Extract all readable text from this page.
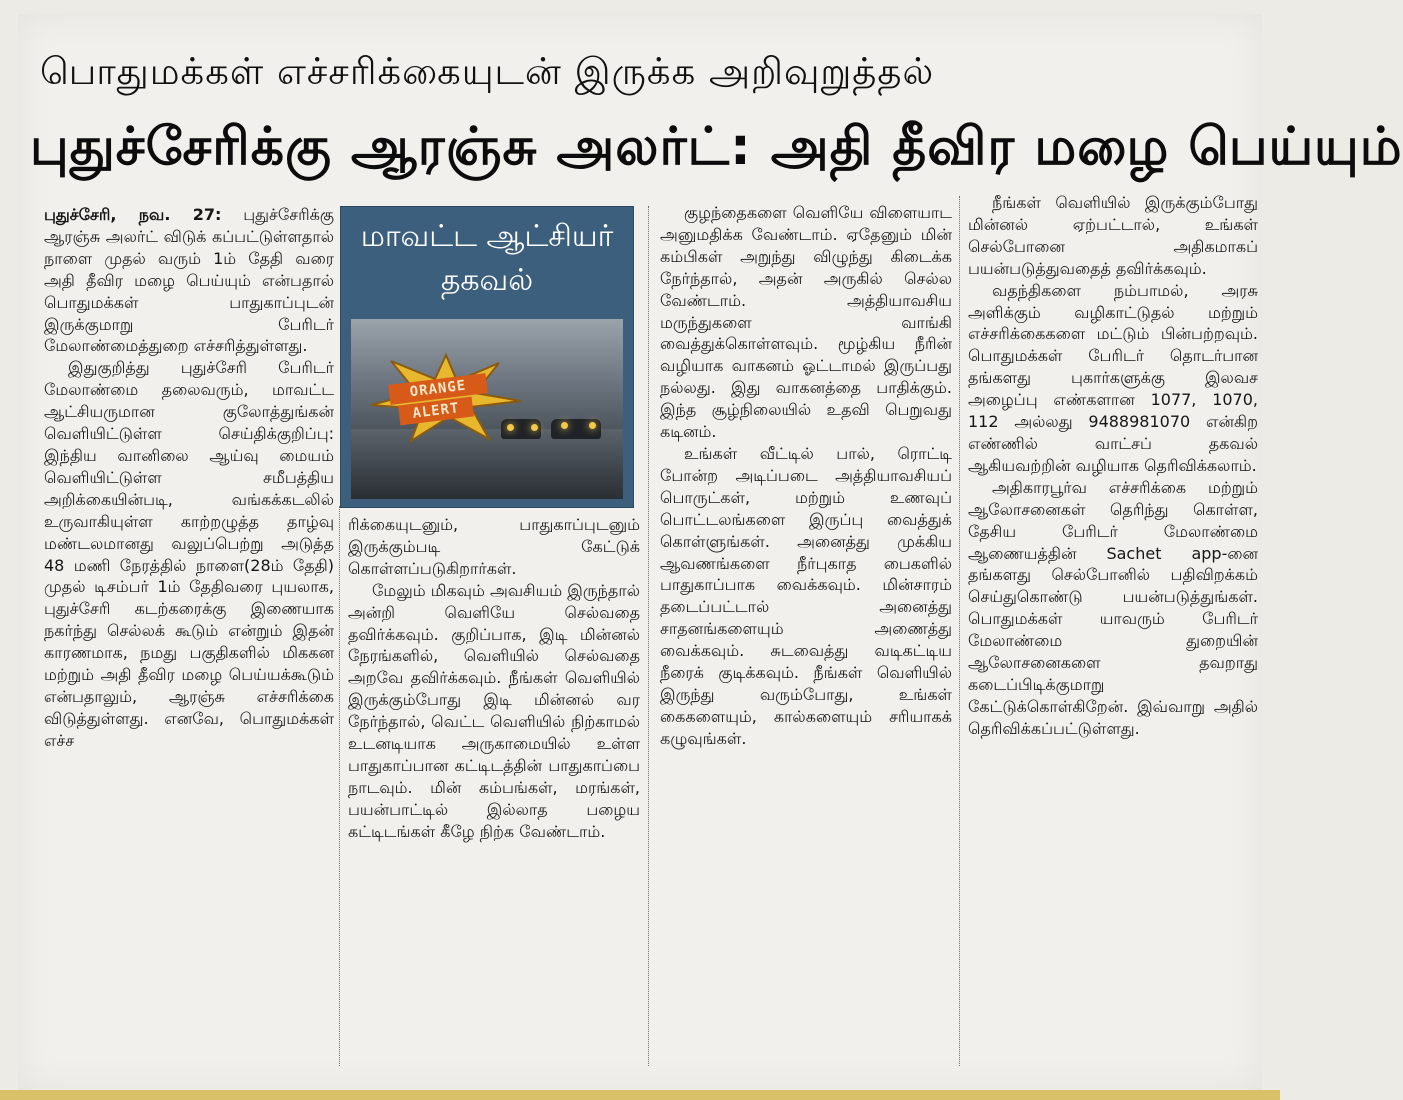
பொதுமக்கள் எச்சரிக்கையுடன் இருக்க அறிவுறுத்தல்
புதுச்சேரிக்கு ஆரஞ்சு அலர்ட்: அதி தீவிர மழை பெய்யும்

புதுச்சேரி, நவ. 27: புதுச்சேரிக்கு ஆரஞ்சு அலர்ட் விடுக் கப்பட்டுள்ளதால் நாளை முதல் வரும் 1ம் தேதி வரை அதி தீவிர மழை பெய்யும் என்பதால் பொதுமக்கள் பாதுகாப்புடன் இருக்குமாறு பேரிடர் மேலாண்மைத்துறை எச்சரித்துள்ளது.

இதுகுறித்து புதுச்சேரி பேரிடர் மேலாண்மை தலைவரும், மாவட்ட ஆட்சியருமான குலோத்துங்கன் வெளியிட்டுள்ள செய்திக்குறிப்பு: இந்திய வானிலை ஆய்வு மையம் வெளியிட்டுள்ள சமீபத்திய அறிக்கையின்படி, வங்கக்கடலில் உருவாகியுள்ள காற்றழுத்த தாழ்வு மண்டலமானது வலுப்பெற்று அடுத்த 48 மணி நேரத்தில் நாளை(28ம் தேதி) முதல் டிசம்பர் 1ம் தேதிவரை புயலாக, புதுச்சேரி கடற்கரைக்கு இணையாக நகர்ந்து செல்லக் கூடும் என்றும் இதன் காரணமாக, நமது பகுதிகளில் மிககன மற்றும் அதி தீவிர மழை பெய்யக்கூடும் என்பதாலும், ஆரஞ்சு எச்சரிக்கை விடுத்துள்ளது. எனவே, பொதுமக்கள் எச்ச

மாவட்ட ஆட்சியர்
தகவல்
ORANGE
ALERT

ரிக்கையுடனும், பாதுகாப்புடனும் இருக்கும்படி கேட்டுக் கொள்ளப்படுகிறார்கள்.

மேலும் மிகவும் அவசியம் இருந்தால் அன்றி வெளியே செல்வதை தவிர்க்கவும். குறிப்பாக, இடி மின்னல் நேரங்களில், வெளியில் செல்வதை அறவே தவிர்க்கவும். நீங்கள் வெளியில் இருக்கும்போது இடி மின்னல் வர நேர்ந்தால், வெட்ட வெளியில் நிற்காமல் உடனடியாக அருகாமையில் உள்ள பாதுகாப்பான கட்டிடத்தின் பாதுகாப்பை நாடவும். மின் கம்பங்கள், மரங்கள், பயன்பாட்டில் இல்லாத பழைய கட்டிடங்கள் கீழே நிற்க வேண்டாம்.

குழந்தைகளை வெளியே விளையாட அனுமதிக்க வேண்டாம். ஏதேனும் மின் கம்பிகள் அறுந்து விழுந்து கிடைக்க நேர்ந்தால், அதன் அருகில் செல்ல வேண்டாம். அத்தியாவசிய மருந்துகளை வாங்கி வைத்துக்கொள்ளவும். மூழ்கிய நீரின் வழியாக வாகனம் ஓட்டாமல் இருப்பது நல்லது. இது வாகனத்தை பாதிக்கும். இந்த சூழ்நிலையில் உதவி பெறுவது கடினம்.

உங்கள் வீட்டில் பால், ரொட்டி போன்ற அடிப்படை அத்தியாவசியப் பொருட்கள், மற்றும் உணவுப் பொட்டலங்களை இருப்பு வைத்துக் கொள்ளுங்கள். அனைத்து முக்கிய ஆவணங்களை நீர்புகாத பைகளில் பாதுகாப்பாக வைக்கவும். மின்சாரம் தடைப்பட்டால் அனைத்து சாதனங்களையும் அணைத்து வைக்கவும். சுடவைத்து வடிகட்டிய நீரைக் குடிக்கவும். நீங்கள் வெளியில் இருந்து வரும்போது, உங்கள் கைகளையும், கால்களையும் சரியாகக் கழுவுங்கள்.

நீங்கள் வெளியில் இருக்கும்போது மின்னல் ஏற்பட்டால், உங்கள் செல்போனை அதிகமாகப் பயன்படுத்துவதைத் தவிர்க்கவும்.

வதந்திகளை நம்பாமல், அரசு அளிக்கும் வழிகாட்டுதல் மற்றும் எச்சரிக்கைகளை மட்டும் பின்பற்றவும். பொதுமக்கள் பேரிடர் தொடர்பான தங்களது புகார்களுக்கு இலவச அழைப்பு எண்களான 1077, 1070, 112 அல்லது 9488981070 என்கிற எண்ணில் வாட்சப் தகவல் ஆகியவற்றின் வழியாக தெரிவிக்கலாம்.

அதிகாரபூர்வ எச்சரிக்கை மற்றும் ஆலோசனைகள் தெரிந்து கொள்ள, தேசிய பேரிடர் மேலாண்மை ஆணையத்தின் Sachet app-னை தங்களது செல்போனில் பதிவிறக்கம் செய்துகொண்டு பயன்படுத்துங்கள். பொதுமக்கள் யாவரும் பேரிடர் மேலாண்மை துறையின் ஆலோசனைகளை தவறாது கடைப்பிடிக்குமாறு கேட்டுக்கொள்கிறேன். இவ்வாறு அதில் தெரிவிக்கப்பட்டுள்ளது.
